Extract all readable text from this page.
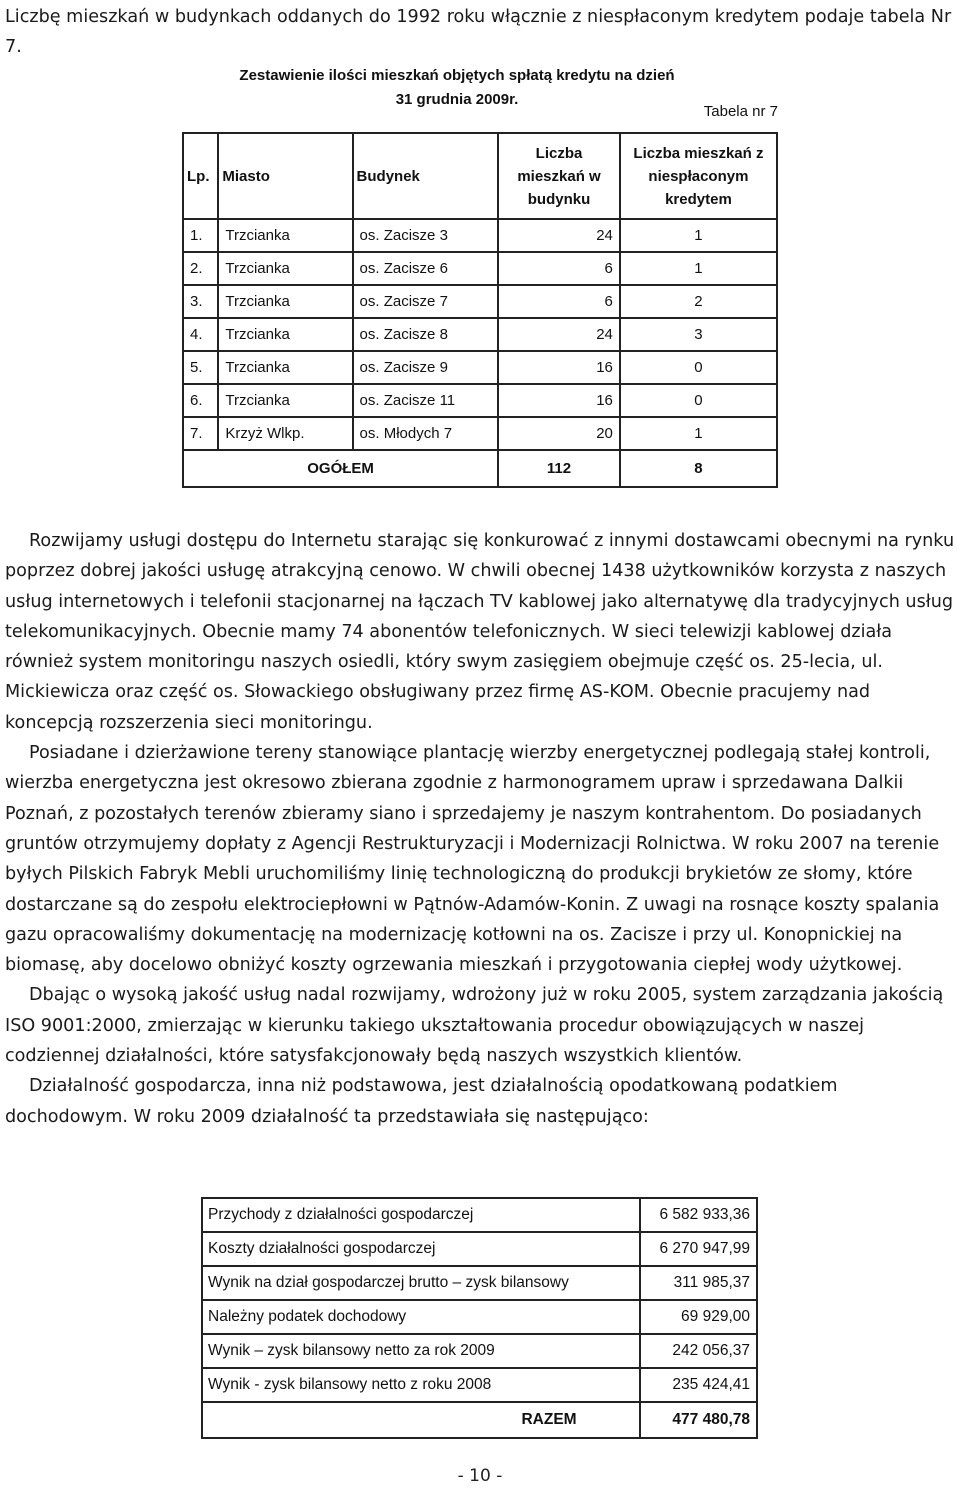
Liczbę mieszkań w budynkach oddanych do 1992 roku włącznie z niespłaconym kredytem podaje tabela Nr 7.
Zestawienie ilości mieszkań objętych spłatą kredytu na dzień
31 grudnia 2009r.
Tabela nr 7
Lp.	Miasto	Budynek	Liczba mieszkań w budynku	Liczba mieszkań z niespłaconym kredytem
1.	Trzcianka	os. Zacisze 3	24	1
2.	Trzcianka	os. Zacisze 6	6	1
3.	Trzcianka	os. Zacisze 7	6	2
4.	Trzcianka	os. Zacisze 8	24	3
5.	Trzcianka	os. Zacisze 9	16	0
6.	Trzcianka	os. Zacisze 11	16	0
7.	Krzyż Wlkp.	os. Młodych 7	20	1
OGÓŁEM			112	8

Rozwijamy usługi dostępu do Internetu starając się konkurować z innymi dostawcami obecnymi na rynku poprzez dobrej jakości usługę atrakcyjną cenowo. W chwili obecnej 1438 użytkowników korzysta z naszych usług internetowych i telefonii stacjonarnej na łączach TV kablowej jako alternatywę dla tradycyjnych usług telekomunikacyjnych. Obecnie mamy 74 abonentów telefonicznych. W sieci telewizji kablowej działa również system monitoringu naszych osiedli, który swym zasięgiem obejmuje część os. 25-lecia, ul. Mickiewicza oraz część os. Słowackiego obsługiwany przez firmę AS-KOM. Obecnie pracujemy nad koncepcją rozszerzenia sieci monitoringu.

Posiadane i dzierżawione tereny stanowiące plantację wierzby energetycznej podlegają stałej kontroli, wierzba energetyczna jest okresowo zbierana zgodnie z harmonogramem upraw i sprzedawana Dalkii Poznań, z pozostałych terenów zbieramy siano i sprzedajemy je naszym kontrahentom. Do posiadanych gruntów otrzymujemy dopłaty z Agencji Restrukturyzacji i Modernizacji Rolnictwa. W roku 2007 na terenie byłych Pilskich Fabryk Mebli uruchomiliśmy linię technologiczną do produkcji brykietów ze słomy, które dostarczane są do zespołu elektrociepłowni w Pątnów-Adamów-Konin. Z uwagi na rosnące koszty spalania gazu opracowaliśmy dokumentację na modernizację kotłowni na os. Zacisze i przy ul. Konopnickiej na biomasę, aby docelowo obniżyć koszty ogrzewania mieszkań i przygotowania ciepłej wody użytkowej.

Dbając o wysoką jakość usług nadal rozwijamy, wdrożony już w roku 2005, system zarządzania jakością ISO 9001:2000, zmierzając w kierunku takiego ukształtowania procedur obowiązujących w naszej codziennej działalności, które satysfakcjonowały będą naszych wszystkich klientów.

Działalność gospodarcza, inna niż podstawowa, jest działalnością opodatkowaną podatkiem dochodowym. W roku 2009 działalność ta przedstawiała się następująco:

Przychody z działalności gospodarczej	6 582 933,36
Koszty działalności gospodarczej	6 270 947,99
Wynik na dział gospodarczej brutto – zysk bilansowy	311 985,37
Należny podatek dochodowy	69 929,00
Wynik – zysk bilansowy netto za rok 2009	242 056,37
Wynik - zysk bilansowy netto z roku 2008	235 424,41
RAZEM	477 480,78
- 10 -
